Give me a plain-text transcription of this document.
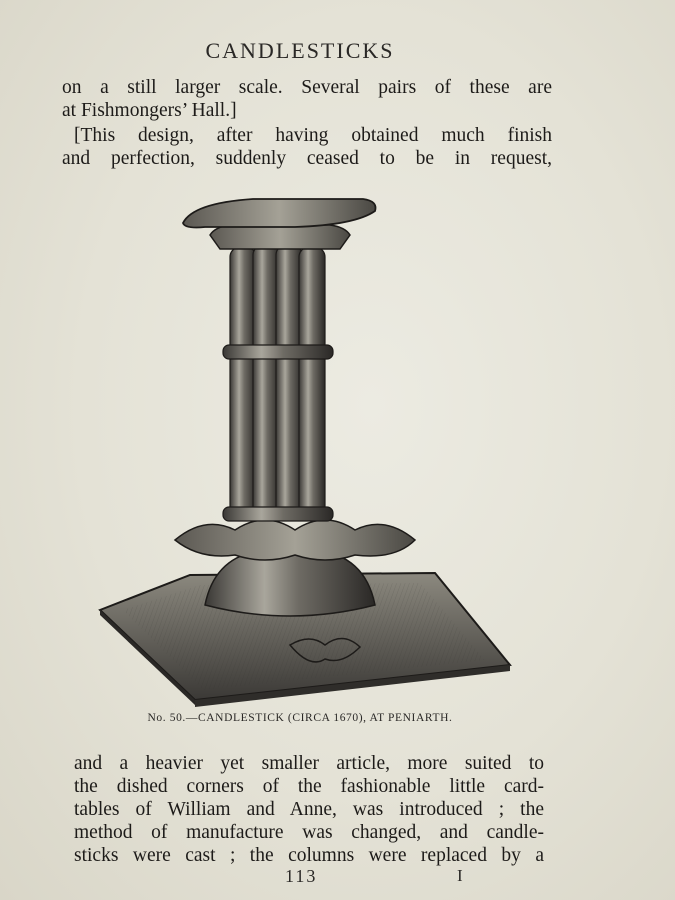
CANDLESTICKS
on a still larger scale. Several pairs of these are
at Fishmongers’ Hall.]
[This design, after having obtained much finish
and perfection, suddenly ceased to be in request,
No. 50.—CANDLESTICK (CIRCA 1670), AT PENIARTH.
and a heavier yet smaller article, more suited to
the dished corners of the fashionable little card-
tables of William and Anne, was introduced ; the
method of manufacture was changed, and candle-
sticks were cast ; the columns were replaced by a
113	I
